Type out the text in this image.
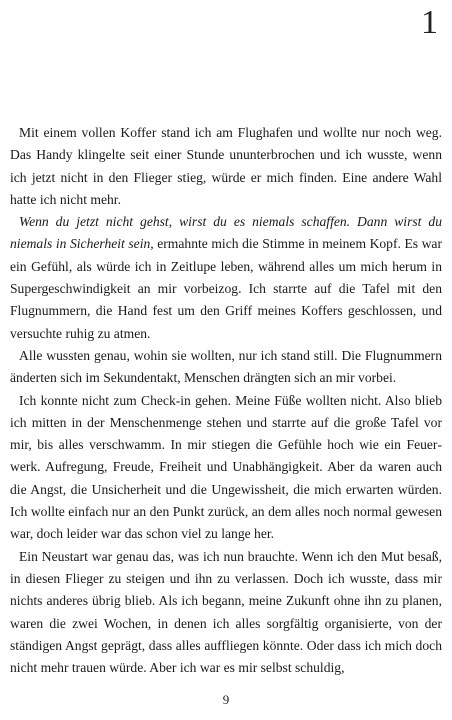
1

Mit einem vollen Koffer stand ich am Flughafen und wollte nur noch weg. Das Handy klingelte seit einer Stunde ununterbrochen und ich wusste, wenn ich jetzt nicht in den Flieger stieg, würde er mich finden. Eine andere Wahl hatte ich nicht mehr.

Wenn du jetzt nicht gehst, wirst du es niemals schaffen. Dann wirst du niemals in Sicherheit sein, ermahnte mich die Stimme in meinem Kopf. Es war ein Gefühl, als würde ich in Zeitlupe leben, während alles um mich herum in Supergeschwindigkeit an mir vorbeizog. Ich starrte auf die Tafel mit den Flugnummern, die Hand fest um den Griff meines Koffers geschlossen, und versuchte ruhig zu atmen.

Alle wussten genau, wohin sie wollten, nur ich stand still. Die Flugnummern änderten sich im Sekundentakt, Menschen drängten sich an mir vorbei.

Ich konnte nicht zum Check-in gehen. Meine Füße wollten nicht. Also blieb ich mitten in der Menschenmenge stehen und starrte auf die große Tafel vor mir, bis alles verschwamm. In mir stiegen die Gefühle hoch wie ein Feuerwerk. Aufregung, Freude, Freiheit und Unabhängigkeit. Aber da waren auch die Angst, die Unsicherheit und die Ungewissheit, die mich erwarten würden. Ich wollte einfach nur an den Punkt zurück, an dem alles noch normal gewesen war, doch leider war das schon viel zu lange her.

Ein Neustart war genau das, was ich nun brauchte. Wenn ich den Mut besaß, in diesen Flieger zu steigen und ihn zu verlassen. Doch ich wusste, dass mir nichts anderes übrig blieb. Als ich begann, meine Zukunft ohne ihn zu planen, waren die zwei Wochen, in denen ich alles sorgfältig organisierte, von der ständigen Angst geprägt, dass alles auffliegen könnte. Oder dass ich mich doch nicht mehr trauen würde. Aber ich war es mir selbst schuldig,

9
